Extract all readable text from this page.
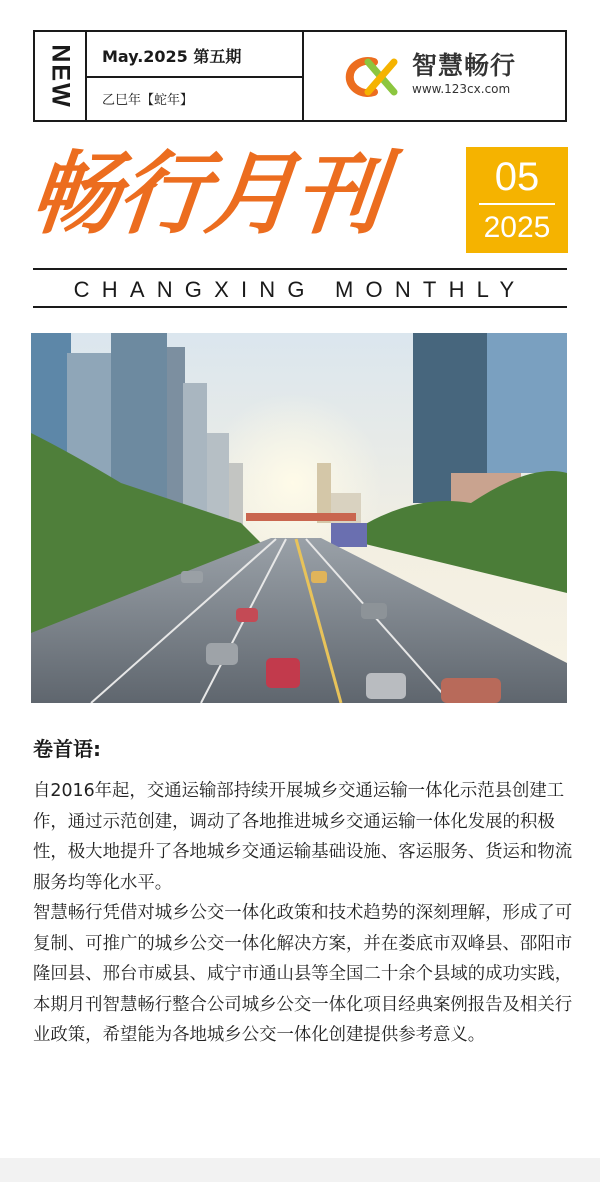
NEW	May.2025 第五期
乙巳年【蛇年】
智慧畅行
www.123cx.com
畅行月刊	05
2025
CHANGXING MONTHLY
卷首语:

自2016年起，交通运输部持续开展城乡交通运输一体化示范县创建工作，通过示范创建，调动了各地推进城乡交通运输一体化发展的积极性，极大地提升了各地城乡交通运输基础设施、客运服务、货运和物流服务均等化水平。

智慧畅行凭借对城乡公交一体化政策和技术趋势的深刻理解，形成了可复制、可推广的城乡公交一体化解决方案，并在娄底市双峰县、邵阳市隆回县、邢台市威县、咸宁市通山县等全国二十余个县域的成功实践，本期月刊智慧畅行整合公司城乡公交一体化项目经典案例报告及相关行业政策，希望能为各地城乡公交一体化创建提供参考意义。
